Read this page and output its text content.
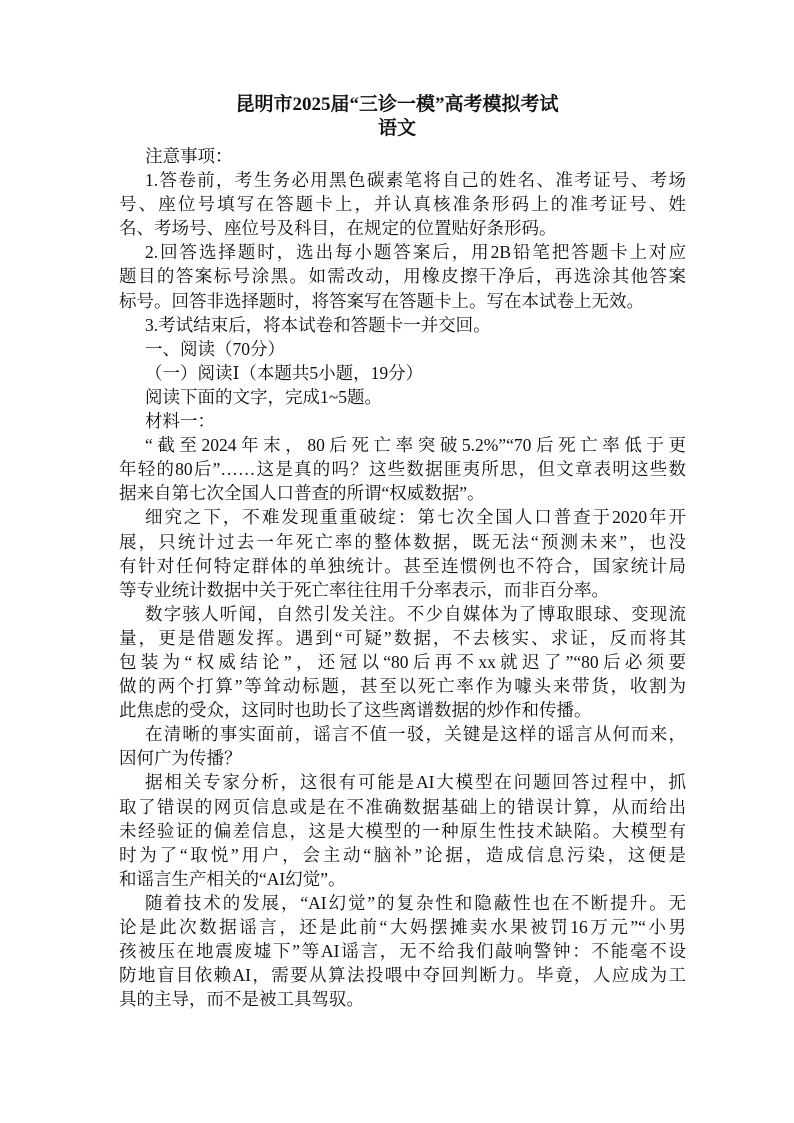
昆明市2025届“三诊一模”高考模拟考试
语文
注意事项：
1.答卷前，考生务必用黑色碳素笔将自己的姓名、准考证号、考场
号、座位号填写在答题卡上，并认真核准条形码上的准考证号、姓
名、考场号、座位号及科目，在规定的位置贴好条形码。
2.回答选择题时，选出每小题答案后，用2B铅笔把答题卡上对应
题目的答案标号涂黑。如需改动，用橡皮擦干净后，再选涂其他答案
标号。回答非选择题时，将答案写在答题卡上。写在本试卷上无效。
3.考试结束后，将本试卷和答题卡一并交回。
一、阅读（70分）
（一）阅读Ⅰ（本题共5小题，19分）
阅读下面的文字，完成1~5题。
材料一：
“截至2024年末，80后死亡率突破5.2%”“70后死亡率低于更
年轻的80后”……这是真的吗？这些数据匪夷所思，但文章表明这些数
据来自第七次全国人口普查的所谓“权威数据”。
细究之下，不难发现重重破绽：第七次全国人口普查于2020年开
展，只统计过去一年死亡率的整体数据，既无法“预测未来”，也没
有针对任何特定群体的单独统计。甚至连惯例也不符合，国家统计局
等专业统计数据中关于死亡率往往用千分率表示，而非百分率。
数字骇人听闻，自然引发关注。不少自媒体为了博取眼球、变现流
量，更是借题发挥。遇到“可疑”数据，不去核实、求证，反而将其
包装为“权威结论”，还冠以“80后再不xx就迟了”“80后必须要
做的两个打算”等耸动标题，甚至以死亡率作为噱头来带货，收割为
此焦虑的受众，这同时也助长了这些离谱数据的炒作和传播。
在清晰的事实面前，谣言不值一驳，关键是这样的谣言从何而来，
因何广为传播？
据相关专家分析，这很有可能是AI大模型在问题回答过程中，抓
取了错误的网页信息或是在不准确数据基础上的错误计算，从而给出
未经验证的偏差信息，这是大模型的一种原生性技术缺陷。大模型有
时为了“取悦”用户，会主动“脑补”论据，造成信息污染，这便是
和谣言生产相关的“AI幻觉”。
随着技术的发展，“AI幻觉”的复杂性和隐蔽性也在不断提升。无
论是此次数据谣言，还是此前“大妈摆摊卖水果被罚16万元”“小男
孩被压在地震废墟下”等AI谣言，无不给我们敲响警钟：不能毫不设
防地盲目依赖AI，需要从算法投喂中夺回判断力。毕竟，人应成为工
具的主导，而不是被工具驾驭。
